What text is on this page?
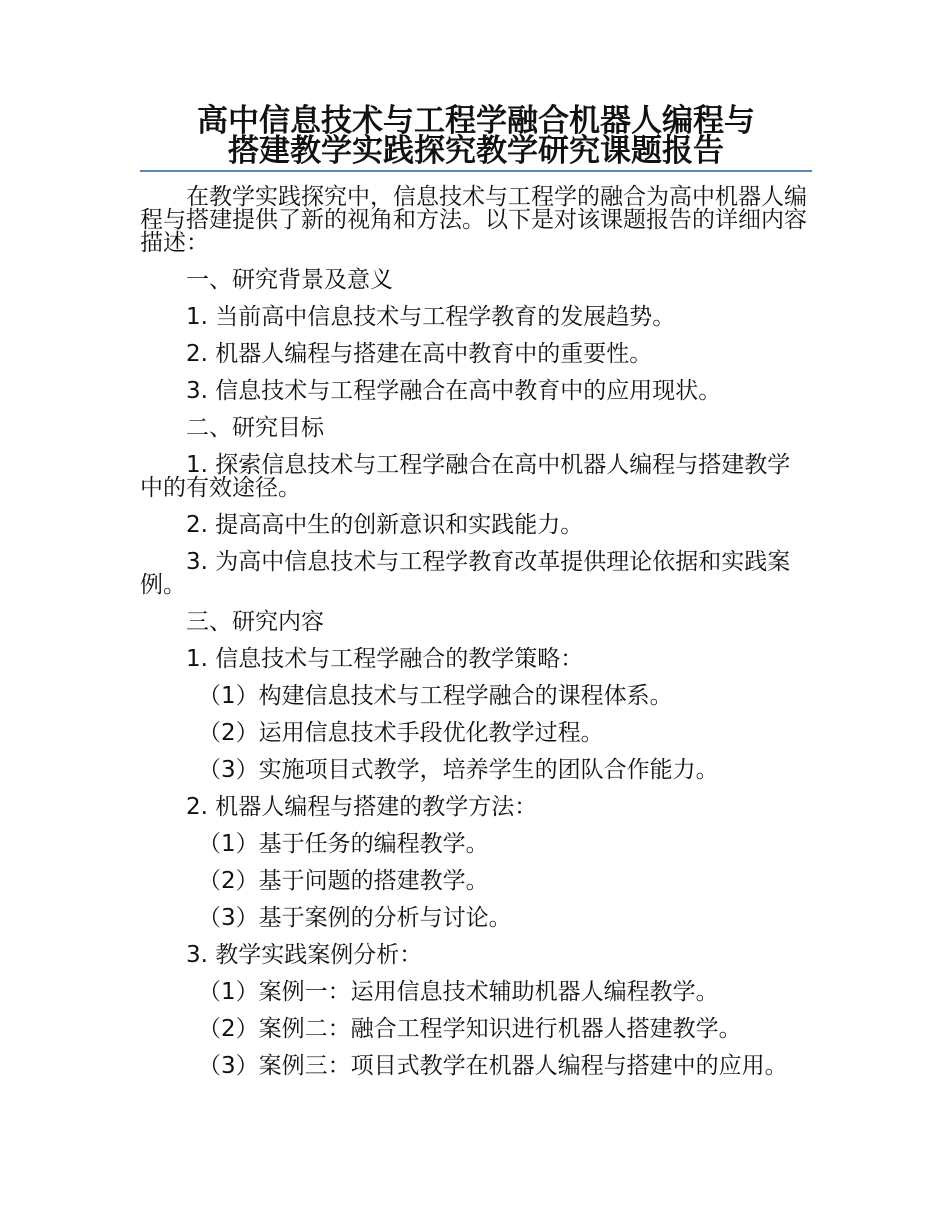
高中信息技术与工程学融合机器人编程与
搭建教学实践探究教学研究课题报告

在教学实践探究中，信息技术与工程学的融合为高中机器人编程与搭建提供了新的视角和方法。以下是对该课题报告的详细内容描述：

一、研究背景及意义

1. 当前高中信息技术与工程学教育的发展趋势。

2. 机器人编程与搭建在高中教育中的重要性。

3. 信息技术与工程学融合在高中教育中的应用现状。

二、研究目标

1. 探索信息技术与工程学融合在高中机器人编程与搭建教学中的有效途径。

2. 提高高中生的创新意识和实践能力。

3. 为高中信息技术与工程学教育改革提供理论依据和实践案例。

三、研究内容

1. 信息技术与工程学融合的教学策略：

（1）构建信息技术与工程学融合的课程体系。

（2）运用信息技术手段优化教学过程。

（3）实施项目式教学，培养学生的团队合作能力。

2. 机器人编程与搭建的教学方法：

（1）基于任务的编程教学。

（2）基于问题的搭建教学。

（3）基于案例的分析与讨论。

3. 教学实践案例分析：

（1）案例一：运用信息技术辅助机器人编程教学。

（2）案例二：融合工程学知识进行机器人搭建教学。

（3）案例三：项目式教学在机器人编程与搭建中的应用。
